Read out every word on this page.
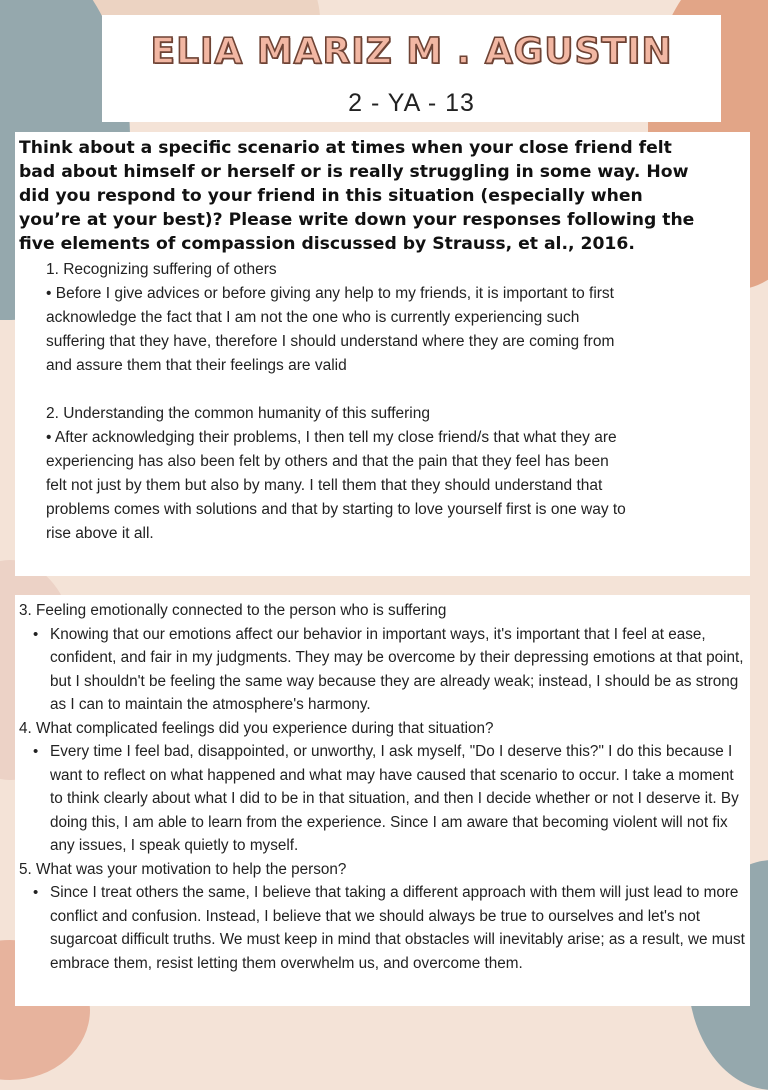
ELIA MARIZ M . AGUSTIN
2 - YA - 13
Think about a specific scenario at times when your close friend felt bad about himself or herself or is really struggling in some way. How did you respond to your friend in this situation (especially when you’re at your best)? Please write down your responses following the five elements of compassion discussed by Strauss, et al., 2016.

1. Recognizing suffering of others

• Before I give advices or before giving any help to my friends, it is important to first acknowledge the fact that I am not the one who is currently experiencing such suffering that they have, therefore I should understand where they are coming from and assure them that their feelings are valid

2. Understanding the common humanity of this suffering

• After acknowledging their problems, I then tell my close friend/s that what they are experiencing has also been felt by others and that the pain that they feel has been felt not just by them but also by many. I tell them that they should understand that problems comes with solutions and that by starting to love yourself first is one way to rise above it all.

3. Feeling emotionally connected to the person who is suffering

• Knowing that our emotions affect our behavior in important ways, it's important that I feel at ease, confident, and fair in my judgments. They may be overcome by their depressing emotions at that point, but I shouldn't be feeling the same way because they are already weak; instead, I should be as strong as I can to maintain the atmosphere's harmony.

4. What complicated feelings did you experience during that situation?

• Every time I feel bad, disappointed, or unworthy, I ask myself, "Do I deserve this?" I do this because I want to reflect on what happened and what may have caused that scenario to occur. I take a moment to think clearly about what I did to be in that situation, and then I decide whether or not I deserve it. By doing this, I am able to learn from the experience. Since I am aware that becoming violent will not fix any issues, I speak quietly to myself.

5. What was your motivation to help the person?

• Since I treat others the same, I believe that taking a different approach with them will just lead to more conflict and confusion. Instead, I believe that we should always be true to ourselves and let's not sugarcoat difficult truths. We must keep in mind that obstacles will inevitably arise; as a result, we must embrace them, resist letting them overwhelm us, and overcome them.
